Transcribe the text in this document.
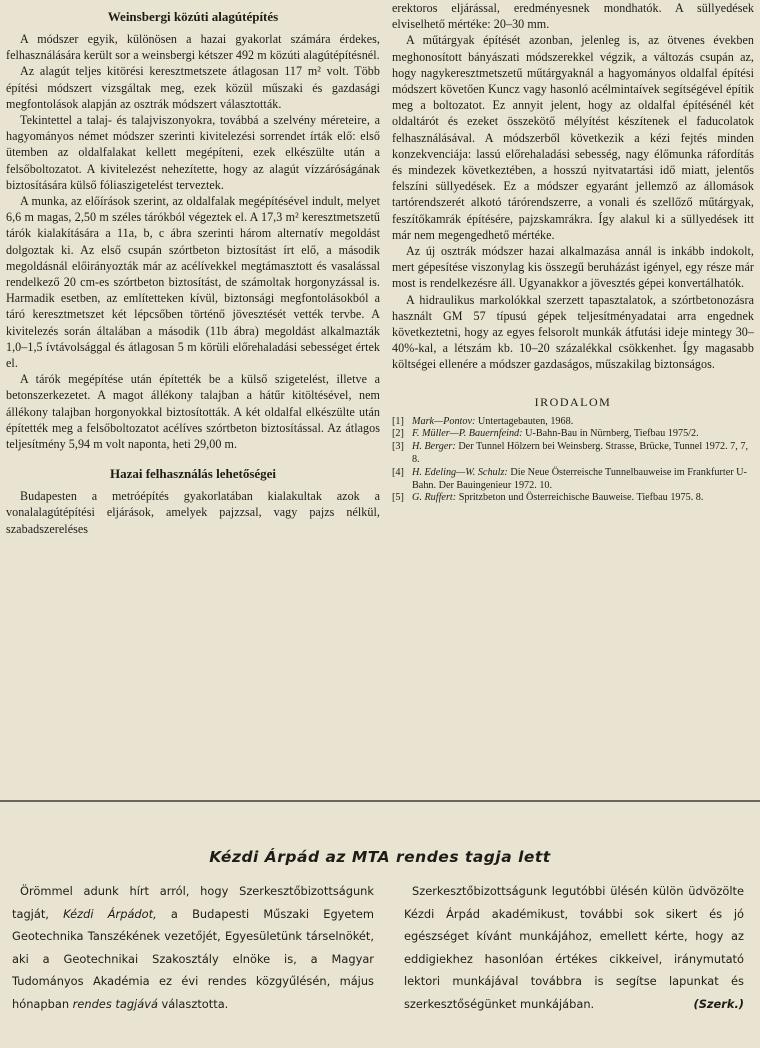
Weinsbergi közúti alagútépítés

A módszer egyik, különösen a hazai gyakorlat számára érdekes, felhasználására került sor a weinsbergi kétszer 492 m közúti alagútépítésnél.

Az alagút teljes kitörési keresztmetszete átlagosan 117 m² volt. Több építési módszert vizsgáltak meg, ezek közül műszaki és gazdasági megfontolások alapján az osztrák módszert választották.

Tekintettel a talaj- és talajviszonyokra, továbbá a szelvény méreteire, a hagyományos német módszer szerinti kivitelezési sorrendet írták elő: első ütemben az oldalfalakat kellett megépíteni, ezek elkészülte után a felsőboltozatot. A kivitelezést nehezítette, hogy az alagút vízzáróságának biztosítására külső fóliaszigetelést terveztek.

A munka, az előírások szerint, az oldalfalak megépítésével indult, melyet 6,6 m magas, 2,50 m széles tárókból végeztek el. A 17,3 m² keresztmetszetű tárók kialakítására a 11a, b, c ábra szerinti három alternatív megoldást dolgoztak ki. Az első csupán szórtbeton biztosítást írt elő, a második megoldásnál előirányozták már az acélívekkel megtámasztott és vasalással rendelkező 20 cm-es szórtbeton biztosítást, de számoltak horgonyzással is. Harmadik esetben, az említetteken kívül, biztonsági megfontolásokból a táró keresztmetszet két lépcsőben történő jövesztését vették tervbe. A kivitelezés során általában a második (11b ábra) megoldást alkalmazták 1,0–1,5 ívtávolsággal és átlagosan 5 m körüli előrehaladási sebességet értek el.

A tárók megépítése után építették be a külső szigetelést, illetve a betonszerkezetet. A magot állékony talajban a hátűr kitöltésével, nem állékony talajban horgonyokkal biztosították. A két oldalfal elkészülte után építették meg a felsőboltozatot acélíves szórtbeton biztosítással. Az átlagos teljesítmény 5,94 m volt naponta, heti 29,00 m.

Hazai felhasználás lehetőségei

Budapesten a metróépítés gyakorlatában kialakultak azok a vonalalagútépítési eljárások, amelyek pajzzsal, vagy pajzs nélkül, szabadszereléses

erektoros eljárással, eredményesnek mondhatók. A süllyedések elviselhető mértéke: 20–30 mm.

A műtárgyak építését azonban, jelenleg is, az ötvenes években meghonosított bányászati módszerekkel végzik, a változás csupán az, hogy nagykeresztmetszetű műtárgyaknál a hagyományos oldalfal építési módszert követően Kuncz vagy hasonló acélmintaívek segítségével építik meg a boltozatot. Ez annyit jelent, hogy az oldalfal építésénél két oldaltárót és ezeket összekötő mélyítést készítenek el faducolatok felhasználásával. A módszerből következik a kézi fejtés minden konzekvenciája: lassú előrehaladási sebesség, nagy élőmunka ráfordítás és mindezek következtében, a hosszú nyitvatartási idő miatt, jelentős felszíni süllyedések. Ez a módszer egyaránt jellemző az állomások tartórendszerét alkotó tárórendszerre, a vonali és szellőző műtárgyak, feszítőkamrák építésére, pajzskamrákra. Így alakul ki a süllyedések itt már nem megengedhető mértéke.

Az új osztrák módszer hazai alkalmazása annál is inkább indokolt, mert gépesítése viszonylag kis összegű beruházást igényel, egy része már most is rendelkezésre áll. Ugyanakkor a jövesztés gépei konvertálhatók.

A hidraulikus markolókkal szerzett tapasztalatok, a szórtbetonozásra használt GM 57 típusú gépek teljesítményadatai arra engednek következtetni, hogy az egyes felsorolt munkák átfutási ideje mintegy 30–40%-kal, a létszám kb. 10–20 százalékkal csökkenhet. Így magasabb költségei ellenére a módszer gazdaságos, műszakilag biztonságos.

IRODALOM
[1] Mark—Pontov: Untertagebauten, 1968.
[2] F. Müller—P. Bauernfeind: U-Bahn-Bau in Nürnberg, Tiefbau 1975/2.
[3] H. Berger: Der Tunnel Hölzern bei Weinsberg. Strasse, Brücke, Tunnel 1972. 7, 7, 8.
[4] H. Edeling—W. Schulz: Die Neue Österreische Tunnelbauweise im Frankfurter U-Bahn. Der Bauingenieur 1972. 10.
[5] G. Ruffert: Spritzbeton und Österreichische Bauweise. Tiefbau 1975. 8.
Kézdi Árpád az MTA rendes tagja lett

Örömmel adunk hírt arról, hogy Szerkesztőbizottságunk tagját, Kézdi Árpádot, a Budapesti Műszaki Egyetem Geotechnika Tanszékének vezetőjét, Egyesületünk társelnökét, aki a Geotechnikai Szakosztály elnöke is, a Magyar Tudományos Akadémia ez évi rendes közgyűlésén, május hónapban rendes tagjává választotta.

Szerkesztőbizottságunk legutóbbi ülésén külön üdvözölte Kézdi Árpád akadémikust, további sok sikert és jó egészséget kívánt munkájához, emellett kérte, hogy az eddigiekhez hasonlóan értékes cikkeivel, iránymutató lektori munkájával továbbra is segítse lapunkat és szerkesztőségünket munkájában.	(Szerk.)
